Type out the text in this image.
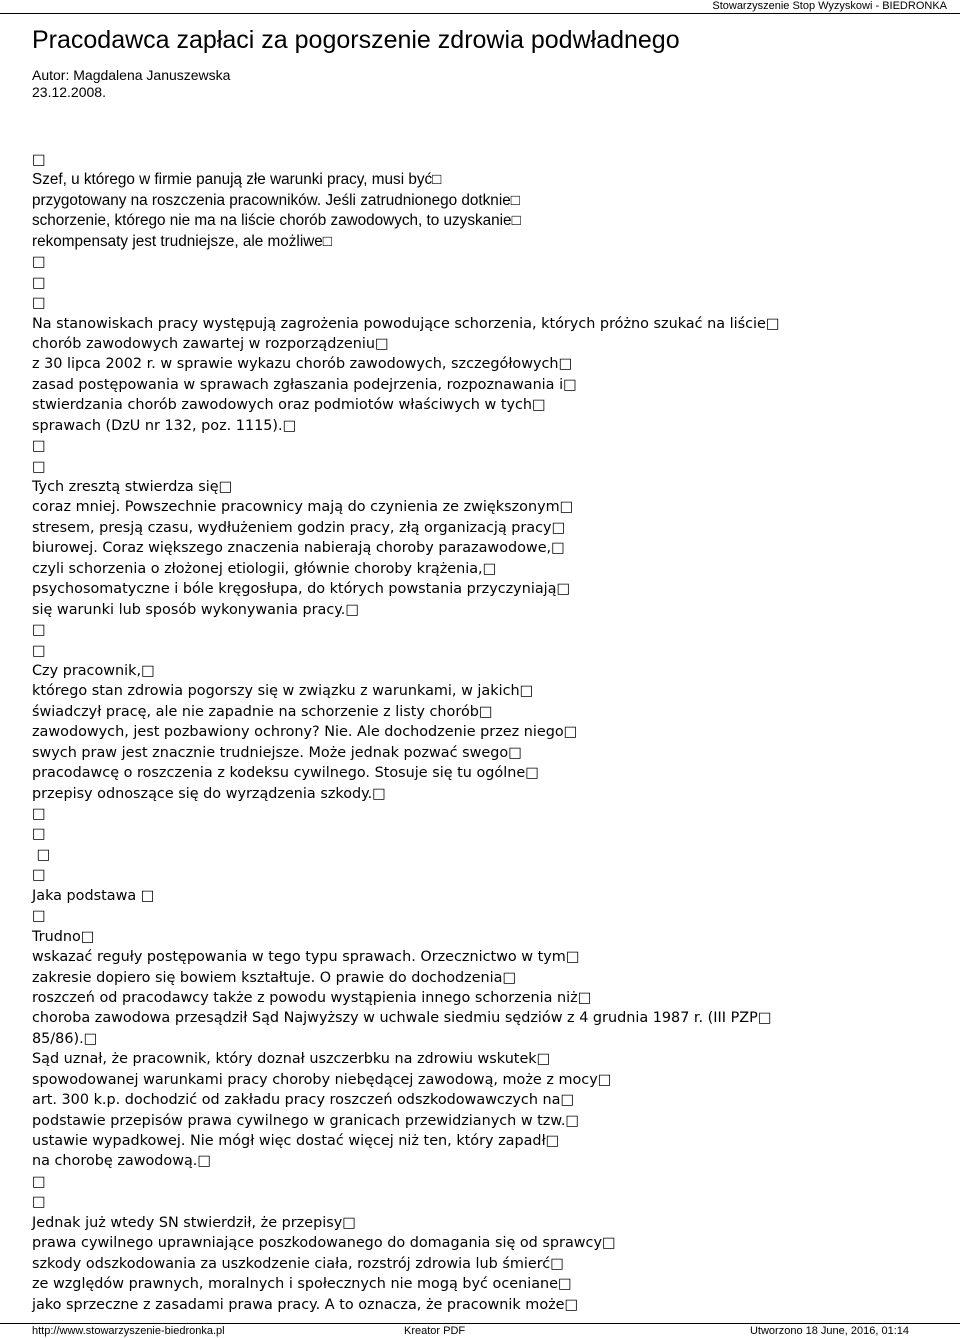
Stowarzyszenie Stop Wyzyskowi - BIEDRONKA
Pracodawca zapłaci za pogorszenie zdrowia podwładnego
Autor: Magdalena Januszewska
23.12.2008.
□
Szef, u którego w firmie panują złe warunki pracy, musi być□
przygotowany na roszczenia pracowników. Jeśli zatrudnionego dotknie□
schorzenie, którego nie ma na liście chorób zawodowych, to uzyskanie□
rekompensaty jest trudniejsze, ale możliwe□
□
□
□
Na stanowiskach pracy występują zagrożenia powodujące schorzenia, których próżno szukać na liście□
chorób zawodowych zawartej w rozporządzeniu□
z 30 lipca 2002 r. w sprawie wykazu chorób zawodowych, szczegółowych□
zasad postępowania w sprawach zgłaszania podejrzenia, rozpoznawania i□
stwierdzania chorób zawodowych oraz podmiotów właściwych w tych□
sprawach (DzU nr 132, poz. 1115).□
□
□
Tych zresztą stwierdza się□
coraz mniej. Powszechnie pracownicy mają do czynienia ze zwiększonym□
stresem, presją czasu, wydłużeniem godzin pracy, złą organizacją pracy□
biurowej. Coraz większego znaczenia nabierają choroby parazawodowe,□
czyli schorzenia o złożonej etiologii, głównie choroby krążenia,□
psychosomatyczne i bóle kręgosłupa, do których powstania przyczyniają□
się warunki lub sposób wykonywania pracy.□
□
□
Czy pracownik,□
którego stan zdrowia pogorszy się w związku z warunkami, w jakich□
świadczył pracę, ale nie zapadnie na schorzenie z listy chorób□
zawodowych, jest pozbawiony ochrony? Nie. Ale dochodzenie przez niego□
swych praw jest znacznie trudniejsze. Może jednak pozwać swego□
pracodawcę o roszczenia z kodeksu cywilnego. Stosuje się tu ogólne□
przepisy odnoszące się do wyrządzenia szkody.□
□
□
□
□
Jaka podstawa □
□
Trudno□
wskazać reguły postępowania w tego typu sprawach. Orzecznictwo w tym□
zakresie dopiero się bowiem kształtuje. O prawie do dochodzenia□
roszczeń od pracodawcy także z powodu wystąpienia innego schorzenia niż□
choroba zawodowa przesądził Sąd Najwyższy w uchwale siedmiu sędziów z 4 grudnia 1987 r. (III PZP□
85/86).□
Sąd uznał, że pracownik, który doznał uszczerbku na zdrowiu wskutek□
spowodowanej warunkami pracy choroby niebędącej zawodową, może z mocy□
art. 300 k.p. dochodzić od zakładu pracy roszczeń odszkodowawczych na□
podstawie przepisów prawa cywilnego w granicach przewidzianych w tzw.□
ustawie wypadkowej. Nie mógł więc dostać więcej niż ten, który zapadł□
na chorobę zawodową.□
□
□
Jednak już wtedy SN stwierdził, że przepisy□
prawa cywilnego uprawniające poszkodowanego do domagania się od sprawcy□
szkody odszkodowania za uszkodzenie ciała, rozstrój zdrowia lub śmierć□
ze względów prawnych, moralnych i społecznych nie mogą być oceniane□
jako sprzeczne z zasadami prawa pracy. A to oznacza, że pracownik może□
http://www.stowarzyszenie-biedronka.pl	Kreator PDF	Utworzono 18 June, 2016, 01:14
